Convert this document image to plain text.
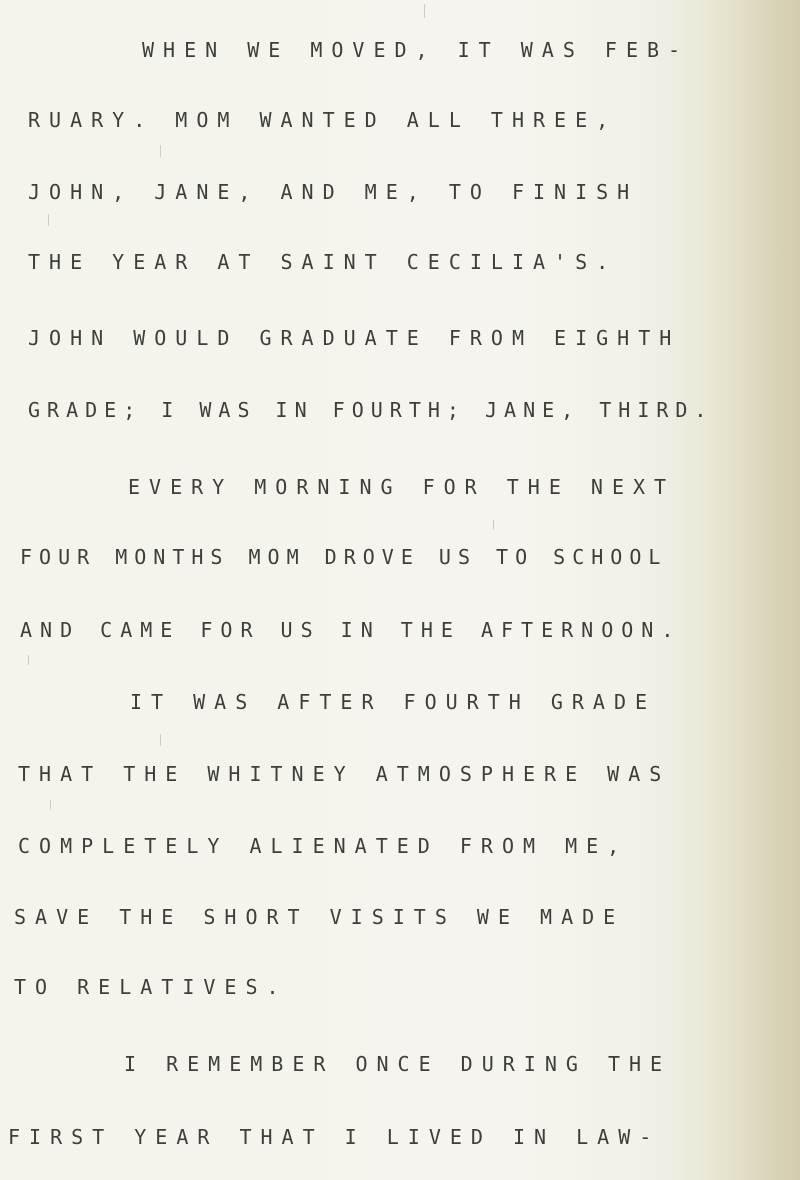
WHEN WE MOVED, IT WAS FEB-
RUARY. MOM WANTED ALL THREE,
JOHN, JANE, AND ME, TO FINISH
THE YEAR AT SAINT CECILIA'S.
JOHN WOULD GRADUATE FROM EIGHTH
GRADE; I WAS IN FOURTH; JANE, THIRD.
EVERY MORNING FOR THE NEXT
FOUR MONTHS MOM DROVE US TO SCHOOL
AND CAME FOR US IN THE AFTERNOON.
IT WAS AFTER FOURTH GRADE
THAT THE WHITNEY ATMOSPHERE WAS
COMPLETELY ALIENATED FROM ME,
SAVE THE SHORT VISITS WE MADE
TO RELATIVES.
I REMEMBER ONCE DURING THE
FIRST YEAR THAT I LIVED IN LAW-
